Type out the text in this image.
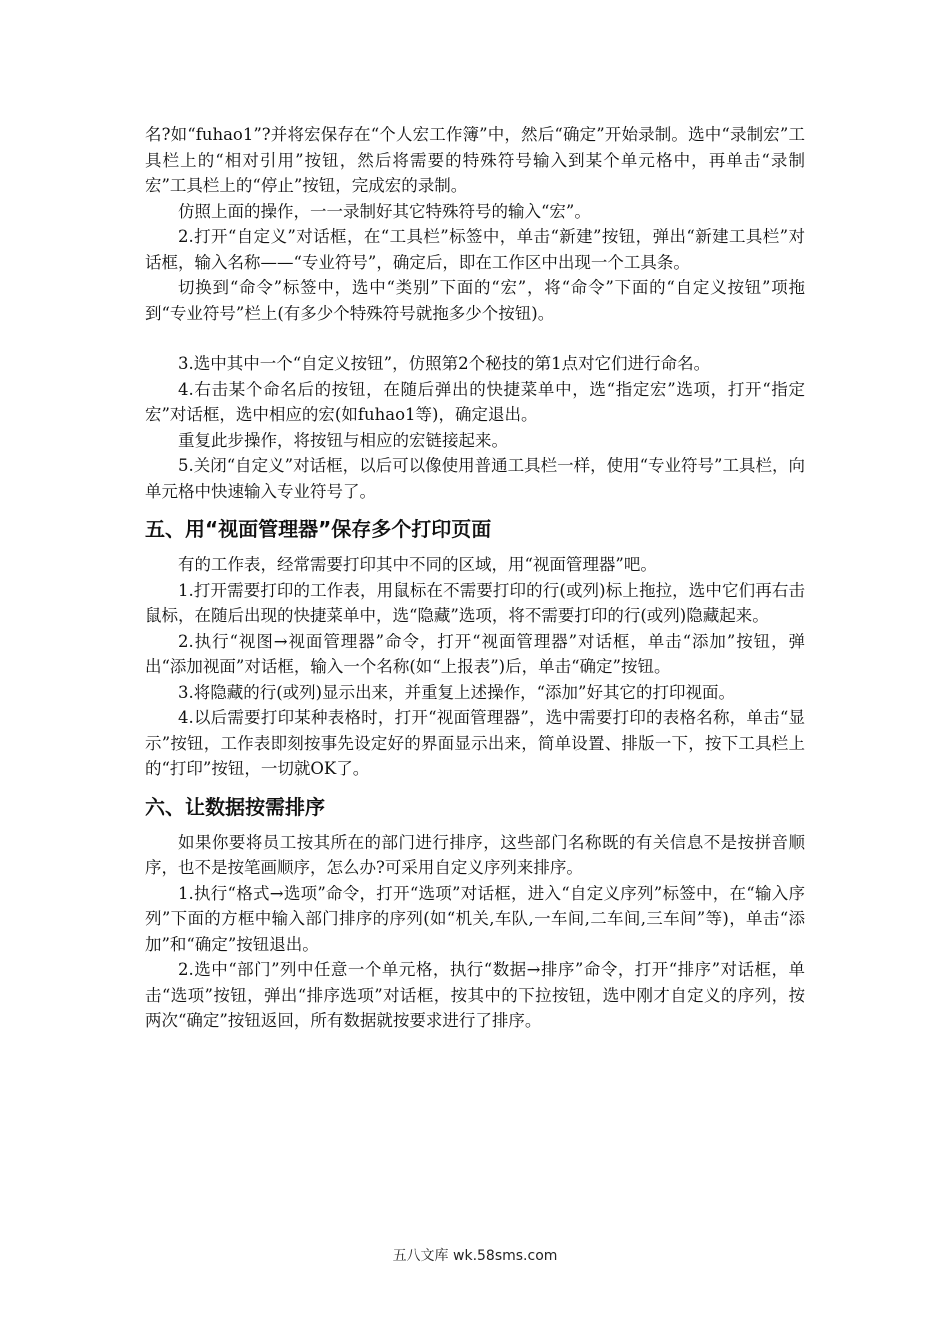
名?如“fuhao1”?并将宏保存在“个人宏工作簿”中，然后“确定”开始录制。选中“录制宏”工具栏上的“相对引用”按钮，然后将需要的特殊符号输入到某个单元格中，再单击“录制宏”工具栏上的“停止”按钮，完成宏的录制。

仿照上面的操作，一一录制好其它特殊符号的输入“宏”。

2.打开“自定义”对话框，在“工具栏”标签中，单击“新建”按钮，弹出“新建工具栏”对话框，输入名称——“专业符号”，确定后，即在工作区中出现一个工具条。

切换到“命令”标签中，选中“类别”下面的“宏”，将“命令”下面的“自定义按钮”项拖到“专业符号”栏上(有多少个特殊符号就拖多少个按钮)。

3.选中其中一个“自定义按钮”，仿照第2个秘技的第1点对它们进行命名。

4.右击某个命名后的按钮，在随后弹出的快捷菜单中，选“指定宏”选项，打开“指定宏”对话框，选中相应的宏(如fuhao1等)，确定退出。

重复此步操作，将按钮与相应的宏链接起来。

5.关闭“自定义”对话框，以后可以像使用普通工具栏一样，使用“专业符号”工具栏，向单元格中快速输入专业符号了。

五、用“视面管理器”保存多个打印页面

有的工作表，经常需要打印其中不同的区域，用“视面管理器”吧。

1.打开需要打印的工作表，用鼠标在不需要打印的行(或列)标上拖拉，选中它们再右击鼠标，在随后出现的快捷菜单中，选“隐藏”选项，将不需要打印的行(或列)隐藏起来。

2.执行“视图→视面管理器”命令，打开“视面管理器”对话框，单击“添加”按钮，弹出“添加视面”对话框，输入一个名称(如“上报表”)后，单击“确定”按钮。

3.将隐藏的行(或列)显示出来，并重复上述操作，“添加”好其它的打印视面。

4.以后需要打印某种表格时，打开“视面管理器”，选中需要打印的表格名称，单击“显示”按钮，工作表即刻按事先设定好的界面显示出来，简单设置、排版一下，按下工具栏上的“打印”按钮，一切就OK了。

六、让数据按需排序

如果你要将员工按其所在的部门进行排序，这些部门名称既的有关信息不是按拼音顺序，也不是按笔画顺序，怎么办?可采用自定义序列来排序。

1.执行“格式→选项”命令，打开“选项”对话框，进入“自定义序列”标签中，在“输入序列”下面的方框中输入部门排序的序列(如“机关,车队,一车间,二车间,三车间”等)，单击“添加”和“确定”按钮退出。

2.选中“部门”列中任意一个单元格，执行“数据→排序”命令，打开“排序”对话框，单击“选项”按钮，弹出“排序选项”对话框，按其中的下拉按钮，选中刚才自定义的序列，按两次“确定”按钮返回，所有数据就按要求进行了排序。

五八文库 wk.58sms.com
